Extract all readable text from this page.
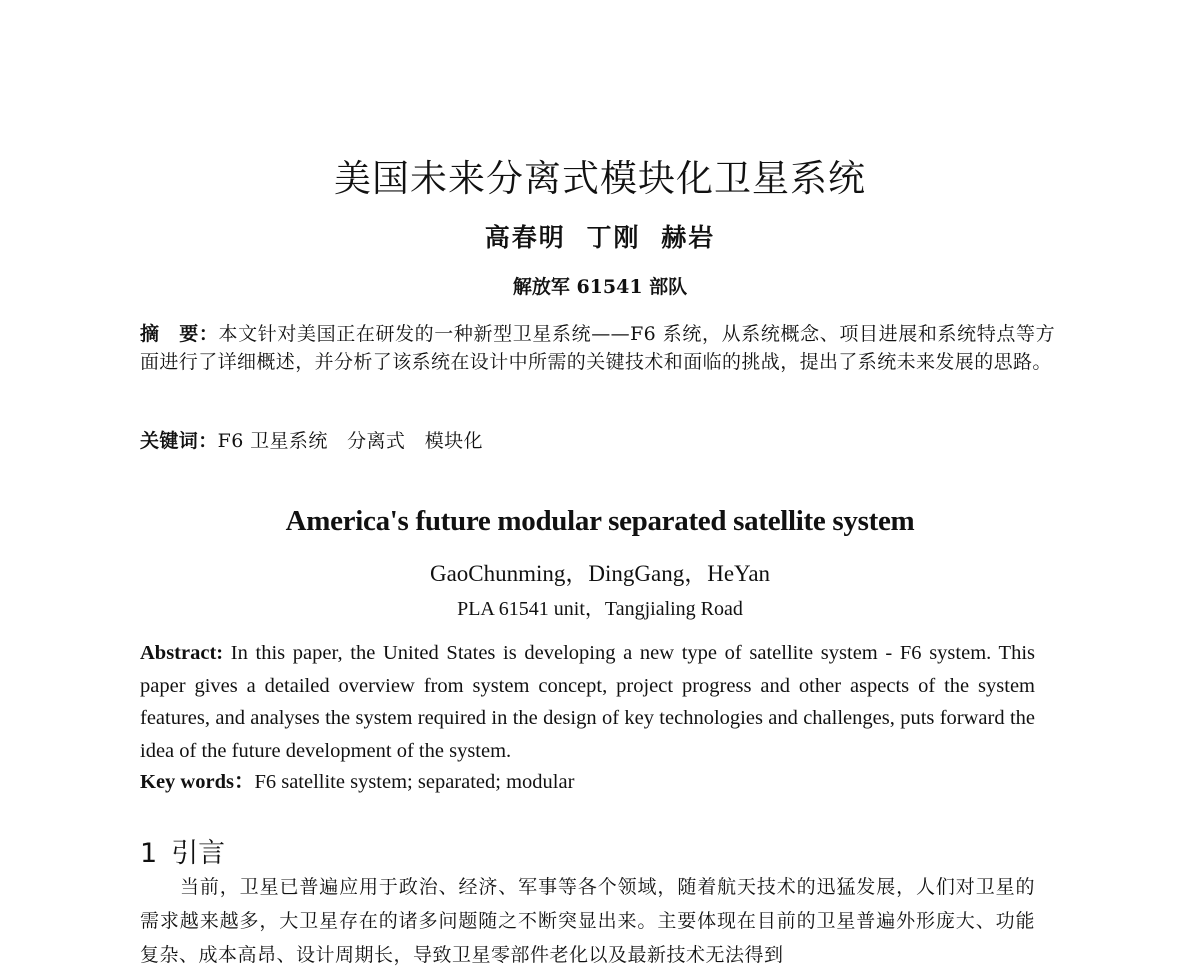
美国未来分离式模块化卫星系统
高春明 丁刚 赫岩
解放军 61541 部队
摘　要：本文针对美国正在研发的一种新型卫星系统——F6 系统，从系统概念、项目进展和系统特点等方面进行了详细概述，并分析了该系统在设计中所需的关键技术和面临的挑战，提出了系统未来发展的思路。
关键词：F6 卫星系统　分离式　模块化
America's future modular separated satellite system
GaoChunming，DingGang，HeYan
PLA 61541 unit，Tangjialing Road
Abstract: In this paper, the United States is developing a new type of satellite system - F6 system. This paper gives a detailed overview from system concept, project progress and other aspects of the system features, and analyses the system required in the design of key technologies and challenges, puts forward the idea of the future development of the system.
Key words：F6 satellite system; separated; modular
1 引言
当前，卫星已普遍应用于政治、经济、军事等各个领域，随着航天技术的迅猛发展，人们对卫星的需求越来越多，大卫星存在的诸多问题随之不断突显出来。主要体现在目前的卫星普遍外形庞大、功能复杂、成本高昂、设计周期长，导致卫星零部件老化以及最新技术无法得到
